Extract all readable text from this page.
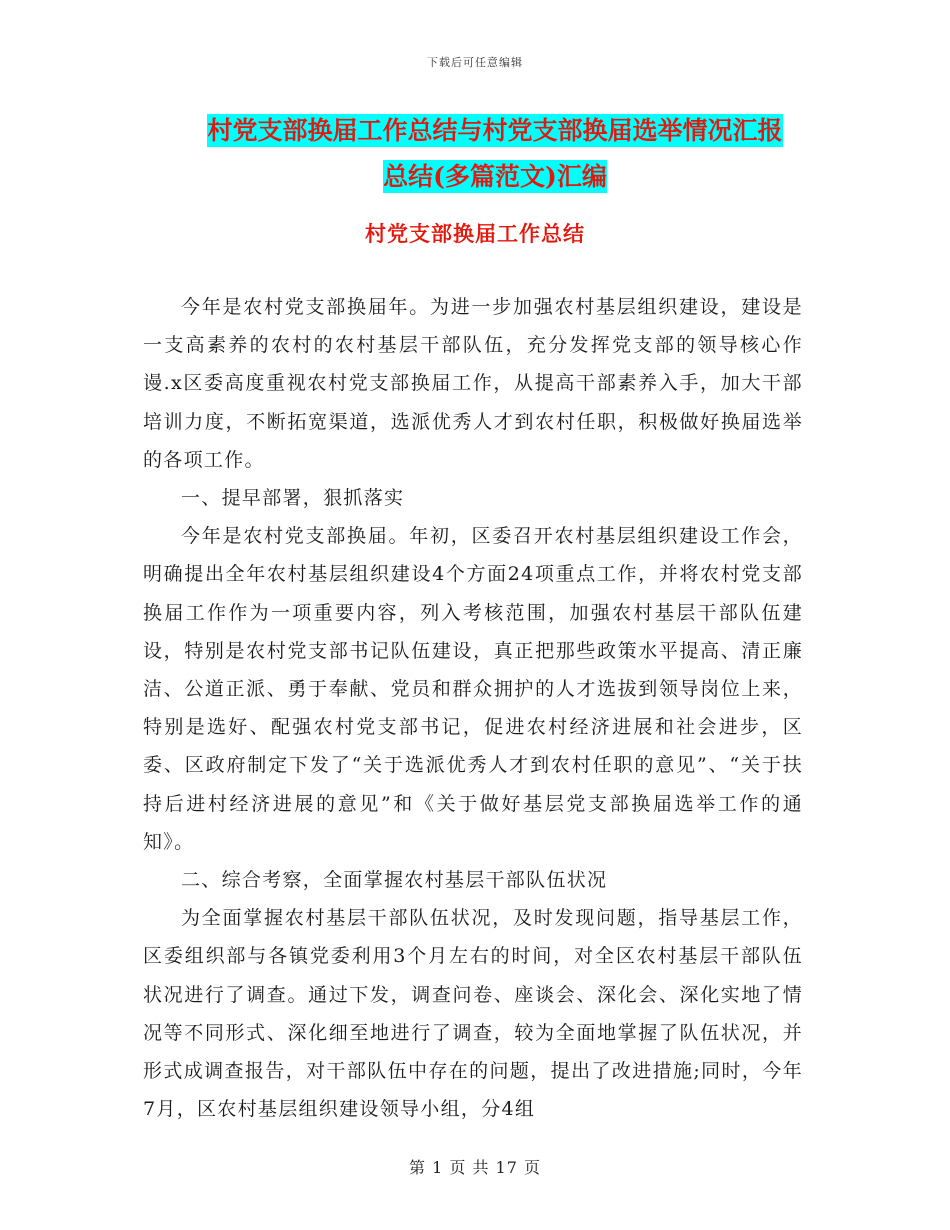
下载后可任意编辑
村党支部换届工作总结与村党支部换届选举情况汇报
总结(多篇范文)汇编
村党支部换届工作总结

今年是农村党支部换届年。为进一步加强农村基层组织建设，建设是一支高素养的农村的农村基层干部队伍，充分发挥党支部的领导核心作谩.x区委高度重视农村党支部换届工作，从提高干部素养入手，加大干部培训力度，不断拓宽渠道，选派优秀人才到农村任职，积极做好换届选举的各项工作。

一、提早部署，狠抓落实

今年是农村党支部换届。年初，区委召开农村基层组织建设工作会，明确提出全年农村基层组织建设4个方面24项重点工作，并将农村党支部换届工作作为一项重要内容，列入考核范围，加强农村基层干部队伍建设，特别是农村党支部书记队伍建设，真正把那些政策水平提高、清正廉洁、公道正派、勇于奉献、党员和群众拥护的人才选拔到领导岗位上来，特别是选好、配强农村党支部书记，促进农村经济进展和社会进步，区委、区政府制定下发了“关于选派优秀人才到农村任职的意见”、“关于扶持后进村经济进展的意见”和《关于做好基层党支部换届选举工作的通知》。

二、综合考察，全面掌握农村基层干部队伍状况

为全面掌握农村基层干部队伍状况，及时发现问题，指导基层工作，区委组织部与各镇党委利用3个月左右的时间，对全区农村基层干部队伍状况进行了调查。通过下发，调查问卷、座谈会、深化会、深化实地了情况等不同形式、深化细至地进行了调查，较为全面地掌握了队伍状况，并形式成调查报告，对干部队伍中存在的问题，提出了改进措施;同时，今年7月，区农村基层组织建设领导小组，分4组

第 1 页 共 17 页
